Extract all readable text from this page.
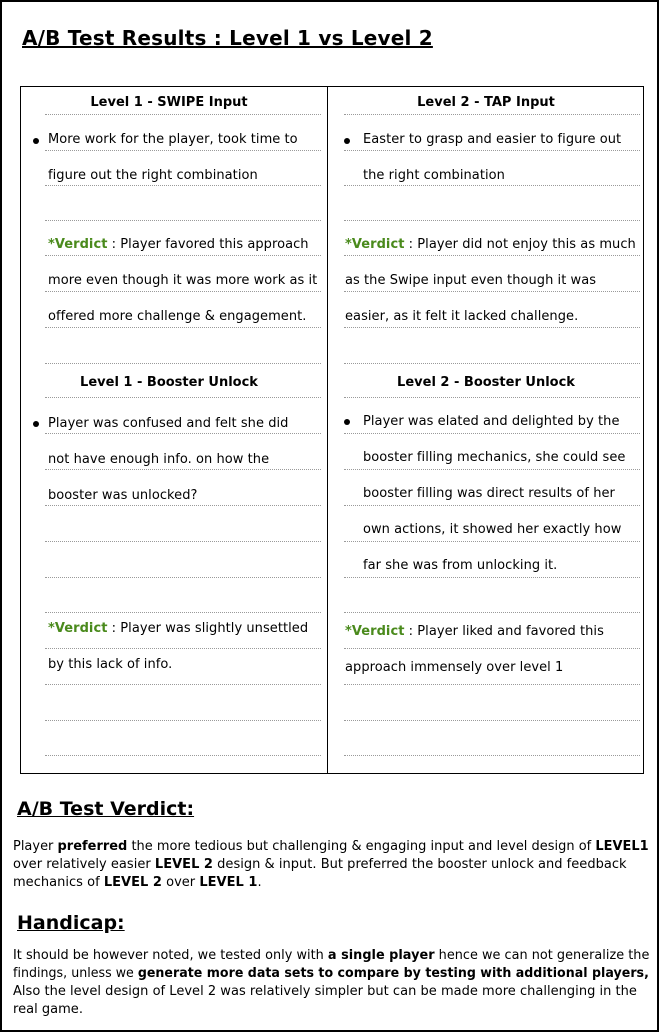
A/B Test Results : Level 1 vs Level 2
Level 1 - SWIPE Input
More work for the player, took time to
figure out the right combination
*Verdict : Player favored this approach
more even though it was more work as it
offered more challenge & engagement.
Level 1 - Booster Unlock
Player was confused and felt she did
not have enough info. on how the
booster was unlocked?
*Verdict : Player was slightly unsettled
by this lack of info.
Level 2 - TAP Input
Easter to grasp and easier to figure out
the right combination
*Verdict : Player did not enjoy this as much
as the Swipe input even though it was
easier, as it felt it lacked challenge.
Level 2 - Booster Unlock
Player was elated and delighted by the
booster filling mechanics, she could see
booster filling was direct results of her
own actions, it showed her exactly how
far she was from unlocking it.
*Verdict : Player liked and favored this
approach immensely over level 1
A/B Test Verdict:
Player preferred the more tedious but challenging & engaging input and level design of LEVEL1
over relatively easier LEVEL 2 design & input. But preferred the booster unlock and feedback
mechanics of LEVEL 2 over LEVEL 1.
Handicap:
It should be however noted, we tested only with a single player hence we can not generalize the
findings, unless we generate more data sets to compare by testing with additional players,
Also the level design of Level 2 was relatively simpler but can be made more challenging in the
real game.
